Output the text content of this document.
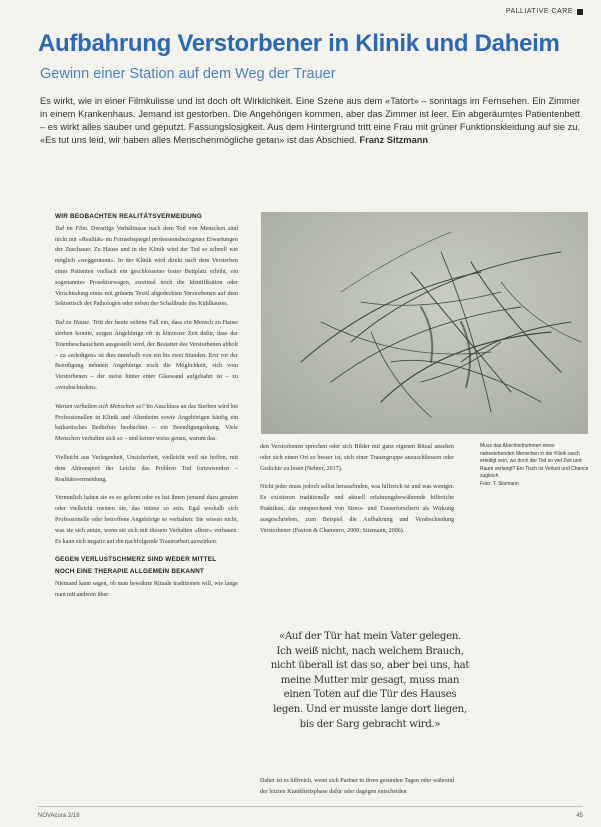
PALLIATIVE CARE
Aufbahrung Verstorbener in Klinik und Daheim
Gewinn einer Station auf dem Weg der Trauer
Es wirkt, wie in einer Filmkulisse und ist doch oft Wirklichkeit. Eine Szene aus dem «Tatort» – sonntags im Fernsehen. Ein Zimmer in einem Krankenhaus. Jemand ist gestorben. Die Angehörigen kommen, aber das Zimmer ist leer. Ein abgeräumtes Patientenbett – es wirkt alles sauber und geputzt. Fassungslosigkeit. Aus dem Hintergrund tritt eine Frau mit grüner Funktionskleidung auf sie zu. «Es tut uns leid, wir haben alles Menschenmögliche getan» ist das Abschied. Franz Sitzmann
WIR BEOBACHTEN REALITÄTSVERMEIDUNG

Tod im Film. Derartige Verhältnisse nach dem Tod von Menschen sind nicht nur «Realität» im Fernsehspiegel professionsbezogener Erwartungen der Zuschauer. Zu Hause und in der Klinik wird der Tod so schnell wie möglich «weggeräumt». In der Klinik wird direkt nach dem Versterben eines Patienten vielfach ein geschlossener fester Bettplatz erhöht, ein sogenanntes Prosektorwagen, zweimal noch die Identifikation oder Verschiedung eines mit grünem Textil abgedeckten Verstorbenen auf dem Sektortisch der Pathologen oder neben der Schaltbude des Kühlhauses.

Tod zu Hause. Tritt der heute seltene Fall ein, dass ein Mensch zu Hause sterben konnte, sorgen Angehörige oft in kürzester Zeit dafür, dass der Totenbeschauschein ausgestellt wird, der Bestatter des Verstorbenen abholt – zu «erledigen» ist dies innerhalb von ein bis zwei Stunden. Erst vor der Beerdigung nehmen Angehörige noch die Möglichkeit, sich vom Verstorbenen – der meist hinter einer Glaswand aufgebahrt ist – zu «verabschieden».

Warum verhalten sich Menschen so? Im Anschluss an das Sterben wird bei Professionellen in Klinik und Altenheim sowie Angehörigen häufig ein kathartisches Bedürfnis beobachtet – ein Beendigungsdrang. Viele Menschen verhalten sich so – und keiner weiss genau, warum das.

Vielleicht aus Verlegenheit, Unsicherheit, vielleicht weil sie hoffen, mit dem Abtransport der Leiche das Problem Tod fortzuwerden – Realitätsvermeidung.

Vermutlich haben sie es so gelernt oder es hat ihnen jemand dazu geraten oder vielleicht meinen sie, das müsse so sein. Egal weshalb sich Professionelle oder betroffene Angehörige so verhalten: Sie wissen nicht, was sie sich antun, wenn sie sich mit diesem Verhalten «Ihrer» verbauen. Es kann sich negativ auf die nachfolgende Trauerarbeit auswirken.

GEGEN VERLUSTSCHMERZ SIND WEDER MITTEL
NOCH EINE THERAPIE ALLGEMEIN BEKANNT

Niemand kann sagen, ob man bewährte Rituale traditionen will, wie lange man mit anderen über

Muss das Abschiednehmen eines nahestehenden Menschen in der Klinik rasch erledigt sein, wo doch der Tod so viel Zeit und Raum verlangt? Ein Tisch ist Verlust und Chance zugleich.
Foto: T. Sitzmann

den Verstorbenen sprechen oder sich Bilder mit ganz eigenen Ritual ansehen oder sich einen Ort so besser ist, sich einer Trauergruppe anzuschliessen oder Gedichte zu lesen (Nehrer, 2017).

Nicht jeder muss jedoch selbst herausfinden, was hilfreich ist und was weniger. Es existieren traditionelle und aktuell erfahrungsbewährende hilfreiche Praktiken, die entsprechend von Stress- und Trauerforschern als Wirkung ausgeschrieben, zum Beispiel die Aufbahrung und Verabschiedung Verstorbener (Paxton & Chamorro, 2000; Sitzmann, 2006).

«Auf der Tür hat mein Vater gelegen. Ich weiß nicht, nach welchem Brauch, nicht überall ist das so, aber bei uns, hat meine Mutter mir gesagt, muss man einen Toten auf die Tür des Hauses legen. Und er musste lange dort liegen, bis der Sarg gebracht wird.»

Daher ist es hilfreich, wenn sich Partner in ihren gesunden Tagen oder während der letzten Krankheitsphase dafür oder dagegen entscheiden

NOVAcura 2/18	45
